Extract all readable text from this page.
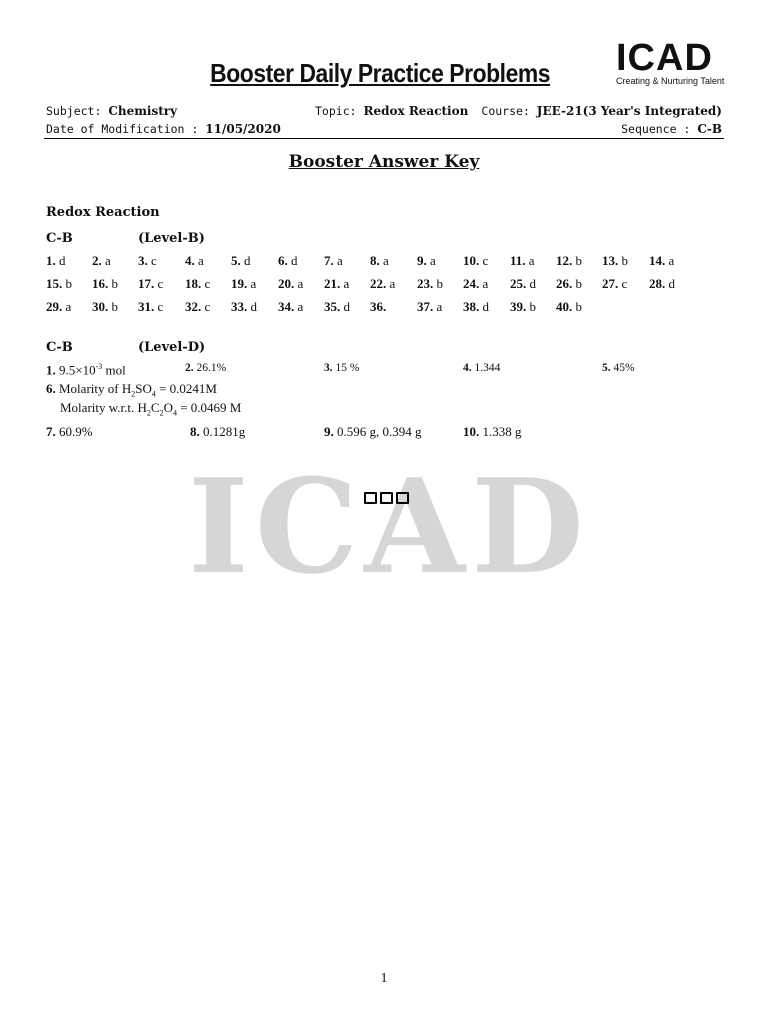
ICAD
Booster Daily Practice Problems	ICAD
Creating & Nurturing Talent
Subject: Chemistry	Topic: Redox Reaction Course: JEE-21(3 Year's Integrated)
Date of Modification : 11/05/2020	Sequence : C-B
Booster Answer Key
Redox Reaction
C-B	(Level-B)
1. d 2. a 3. c 4. a 5. d 6. d 7. a 8. a 9. a 10. c 11. a 12. b 13. b 14. a
15. b 16. b 17. c 18. c 19. a 20. a 21. a 22. a 23. b 24. a 25. d 26. b 27. c 28. d
29. a 30. b 31. c 32. c 33. d 34. a 35. d 36. 37. a 38. d 39. b 40. b
C-B	(Level-D)
1. $9.5\times 10^{-3}$ mol	2. 26.1%	3. 15 %	4. 1.344	5. 45%
6. Molarity of $H_2SO_4 = 0.0241M$
Molarity w.r.t. $H_2C_2O_4 = 0.0469$ M
7. 60.9%	8. 0.1281g	9. 0.596 g, 0.394 g	10. 1.338 g
1
